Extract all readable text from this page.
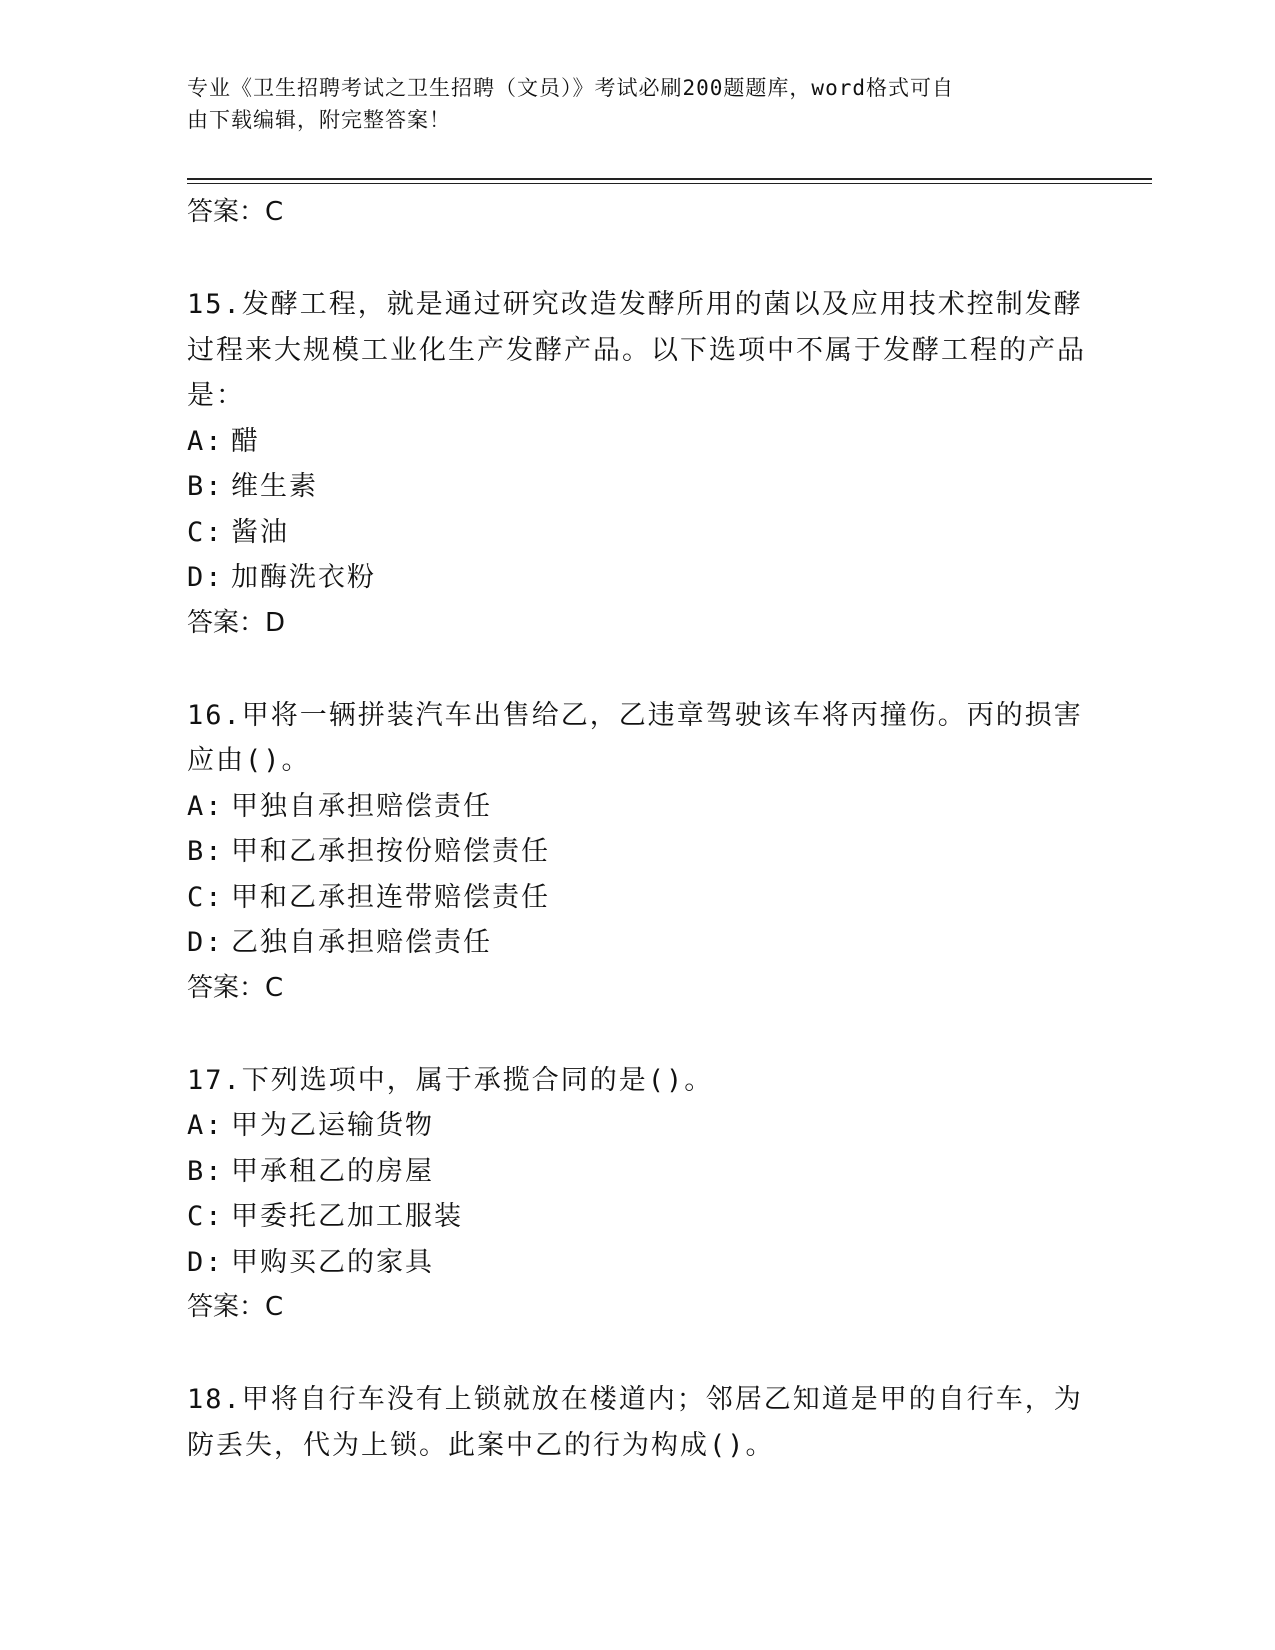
专业《卫生招聘考试之卫生招聘（文员）》考试必刷200题题库，word格式可自
由下载编辑，附完整答案！
答案：C
15.发酵工程，就是通过研究改造发酵所用的菌以及应用技术控制发酵过程来大规模工业化生产发酵产品。以下选项中不属于发酵工程的产品是：
A: 醋
B: 维生素
C: 酱油
D: 加酶洗衣粉
答案：D
16.甲将一辆拼装汽车出售给乙，乙违章驾驶该车将丙撞伤。丙的损害应由()。
A: 甲独自承担赔偿责任
B: 甲和乙承担按份赔偿责任
C: 甲和乙承担连带赔偿责任
D: 乙独自承担赔偿责任
答案：C
17.下列选项中，属于承揽合同的是()。
A: 甲为乙运输货物
B: 甲承租乙的房屋
C: 甲委托乙加工服装
D: 甲购买乙的家具
答案：C
18.甲将自行车没有上锁就放在楼道内；邻居乙知道是甲的自行车，为防丢失，代为上锁。此案中乙的行为构成()。
